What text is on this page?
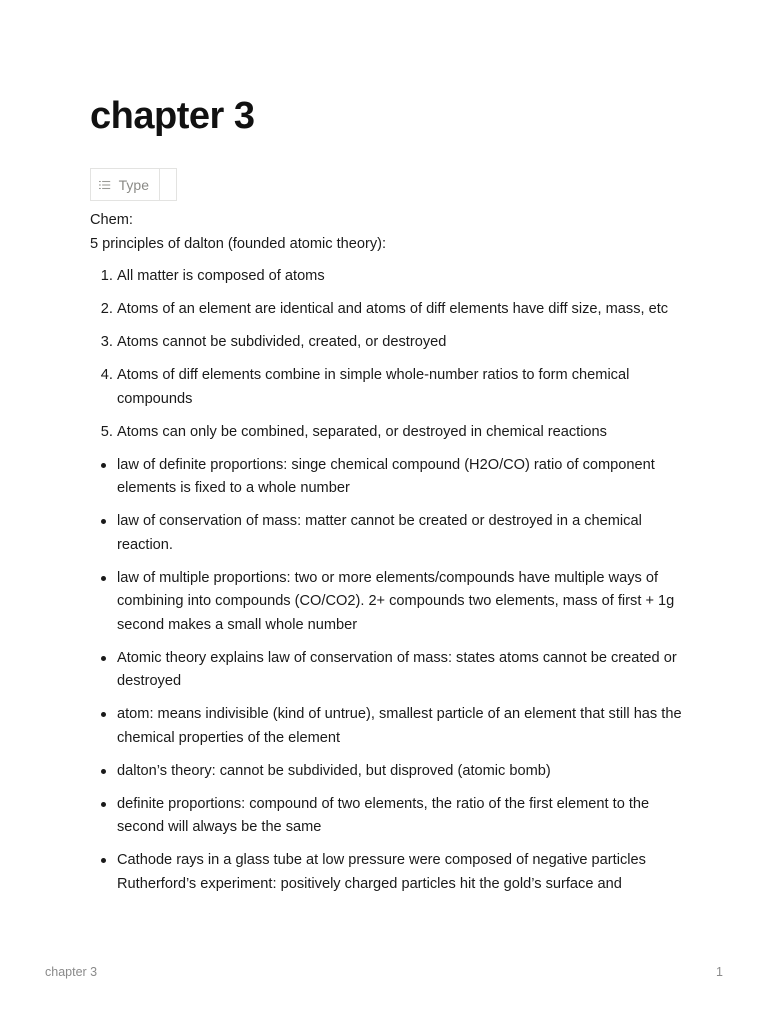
chapter 3
Type

Chem:

5 principles of dalton (founded atomic theory):

1. All matter is composed of atoms
2. Atoms of an element are identical and atoms of diff elements have diff size, mass, etc
3. Atoms cannot be subdivided, created, or destroyed
4. Atoms of diff elements combine in simple whole-number ratios to form chemical compounds
5. Atoms can only be combined, separated, or destroyed in chemical reactions
law of definite proportions: singe chemical compound (H2O/CO) ratio of component elements is fixed to a whole number
law of conservation of mass: matter cannot be created or destroyed in a chemical reaction.
law of multiple proportions: two or more elements/compounds have multiple ways of combining into compounds (CO/CO2). 2+ compounds two elements, mass of first + 1g second makes a small whole number
Atomic theory explains law of conservation of mass: states atoms cannot be created or destroyed
atom: means indivisible (kind of untrue), smallest particle of an element that still has the chemical properties of the element
dalton’s theory: cannot be subdivided, but disproved (atomic bomb)
definite proportions: compound of two elements, the ratio of the first element to the second will always be the same
Cathode rays in a glass tube at low pressure were composed of negative particles Rutherford’s experiment: positively charged particles hit the gold’s surface and
chapter 3	1
